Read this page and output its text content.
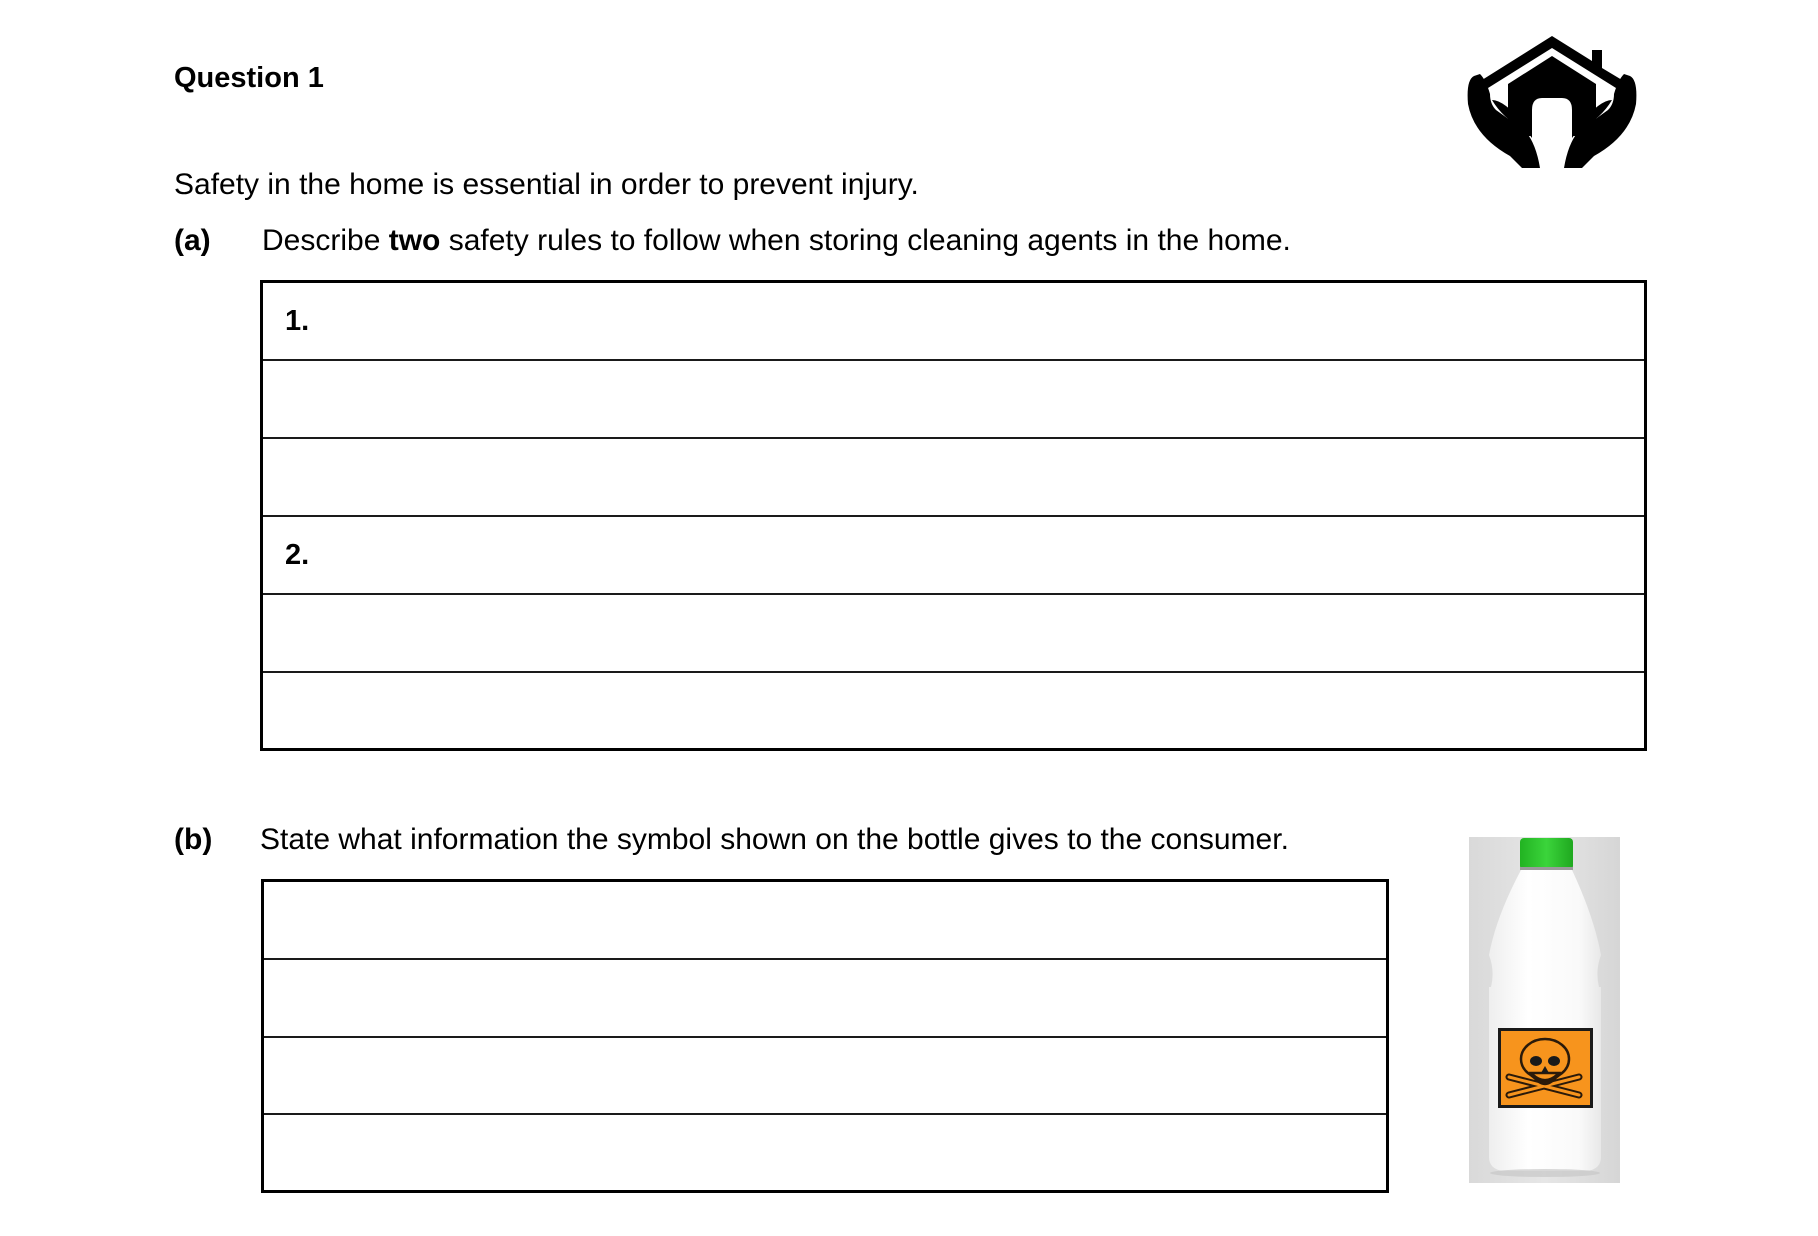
Question 1
Safety in the home is essential in order to prevent injury.
(a) Describe two safety rules to follow when storing cleaning agents in the home.
1.
2.
(b) State what information the symbol shown on the bottle gives to the consumer.
